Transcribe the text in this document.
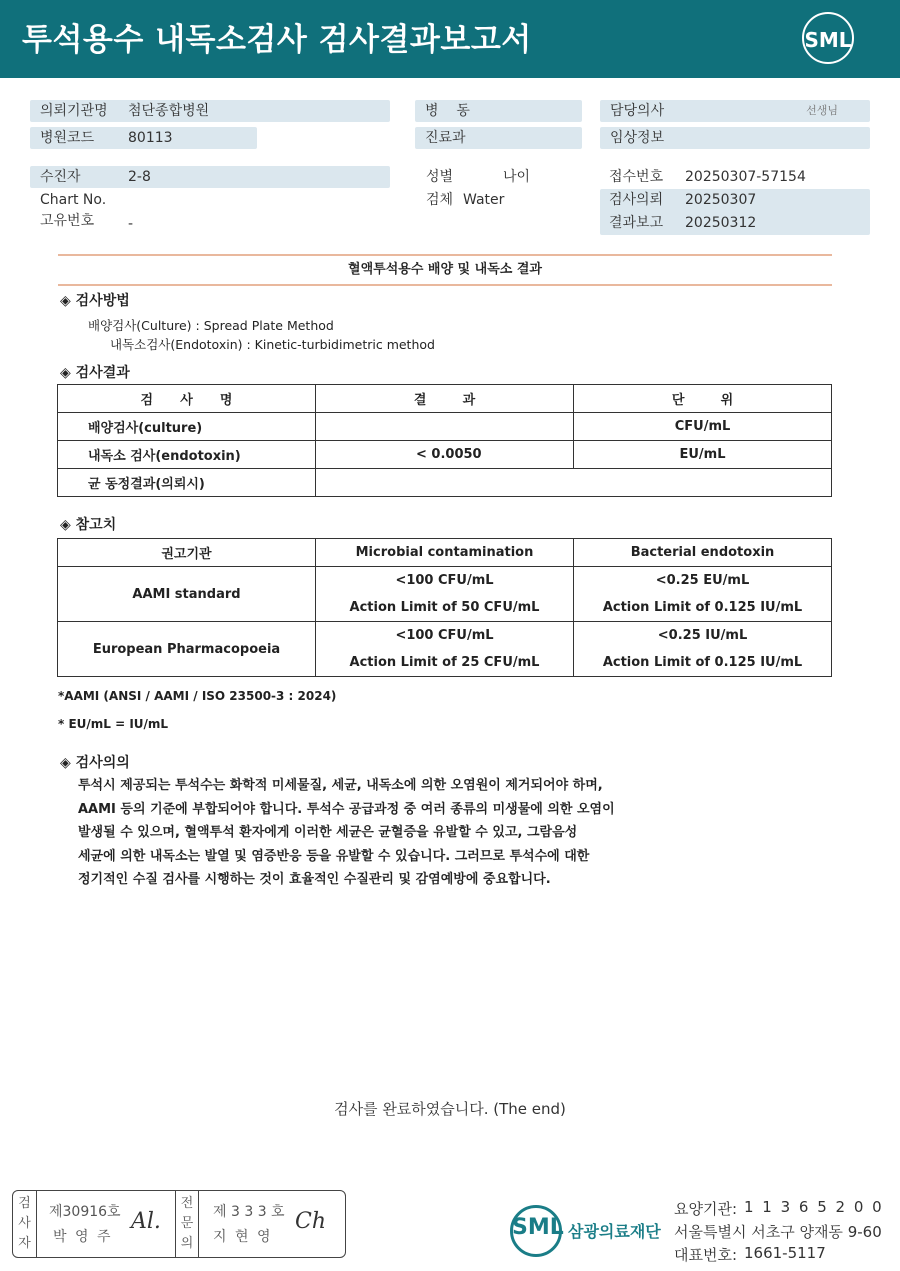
투석용수 내독소검사 검사결과보고서	SML
의뢰기관명 첨단종합병원
병원코드 80113
병    동
진료과
담당의사	선생님
임상정보
수진자	2-8
Chart No.
고유번호 -
성별	나이
검체 Water
접수번호 20250307-57154
검사의뢰 20250307
결과보고 20250312
혈액투석용수 배양 및 내독소 결과
◈ 검사방법
배양검사(Culture) : Spread Plate Method
내독소검사(Endotoxin) : Kinetic-turbidimetric method
◈ 검사결과
검      사      명	결        과	단        위
배양검사(culture)		CFU/mL
내독소 검사(endotoxin)	< 0.0050	EU/mL
균 동정결과(의뢰시)		
◈ 참고치
권고기관	Microbial contamination	Bacterial endotoxin
AAMI standard	<100 CFU/mL	<0.25 EU/mL
	Action Limit of 50 CFU/mL	Action Limit of 0.125 IU/mL
European Pharmacopoeia	<100 CFU/mL	<0.25 IU/mL
	Action Limit of 25 CFU/mL	Action Limit of 0.125 IU/mL
*AAMI (ANSI / AAMI / ISO 23500-3 : 2024)
* EU/mL = IU/mL
◈ 검사의의
투석시 제공되는 투석수는 화학적 미세물질, 세균, 내독소에 의한 오염원이 제거되어야 하며,
AAMI 등의 기준에 부합되어야 합니다. 투석수 공급과정 중 여러 종류의 미생물에 의한 오염이
발생될 수 있으며, 혈액투석 환자에게 이러한 세균은 균혈증을 유발할 수 있고, 그람음성
세균에 의한 내독소는 발열 및 염증반응 등을 유발할 수 있습니다. 그러므로 투석수에 대한
정기적인 수질 검사를 시행하는 것이 효율적인 수질관리 및 감염예방에 중요합니다.
검사를 완료하였습니다. (The end)
검사자
제30916호
박 영 주
Al.
전문의
제 3 3 3 호
지 현 영
Ch	SML 삼광의료재단
요양기관: 1 1 3 6 5 2 0 0
서울특별시 서초구 양재동 9-60
대표번호: 1661-5117
